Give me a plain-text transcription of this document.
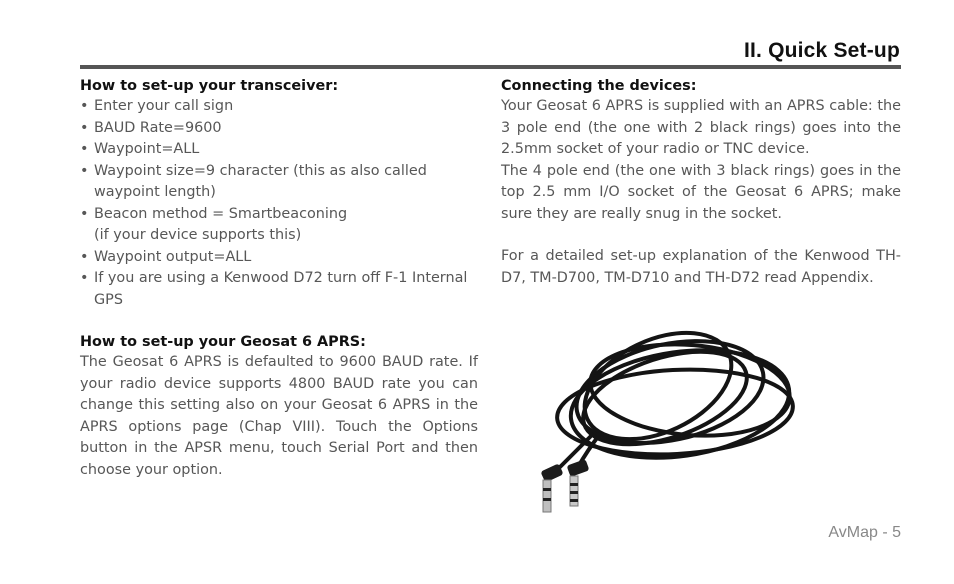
II. Quick Set-up
How to set-up your transceiver:
• Enter your call sign
• BAUD Rate=9600
• Waypoint=ALL
• Waypoint size=9 character (this as also called waypoint length)
• Beacon method = Smartbeaconing
(if your device supports this)
• Waypoint output=ALL
• If you are using a Kenwood D72 turn off F-1 Internal GPS
How to set-up your Geosat 6 APRS:

The Geosat 6 APRS is defaulted to 9600 BAUD rate. If your radio device supports 4800 BAUD rate you can change this setting also on your Geosat 6 APRS in the APRS options page (Chap VIII). Touch the Options button in the APSR menu, touch Serial Port and then choose your option.

Connecting the devices:

Your Geosat 6 APRS is supplied with an APRS cable: the 3 pole end (the one with 2 black rings) goes into the 2.5mm socket of your radio or TNC device.

The 4 pole end (the one with 3 black rings) goes in the top 2.5 mm I/O socket of the Geosat 6 APRS; make sure they are really snug in the socket.

For a detailed set-up explanation of the Kenwood TH-D7, TM-D700, TM-D710 and TH-D72 read Appendix.

AvMap - 5
